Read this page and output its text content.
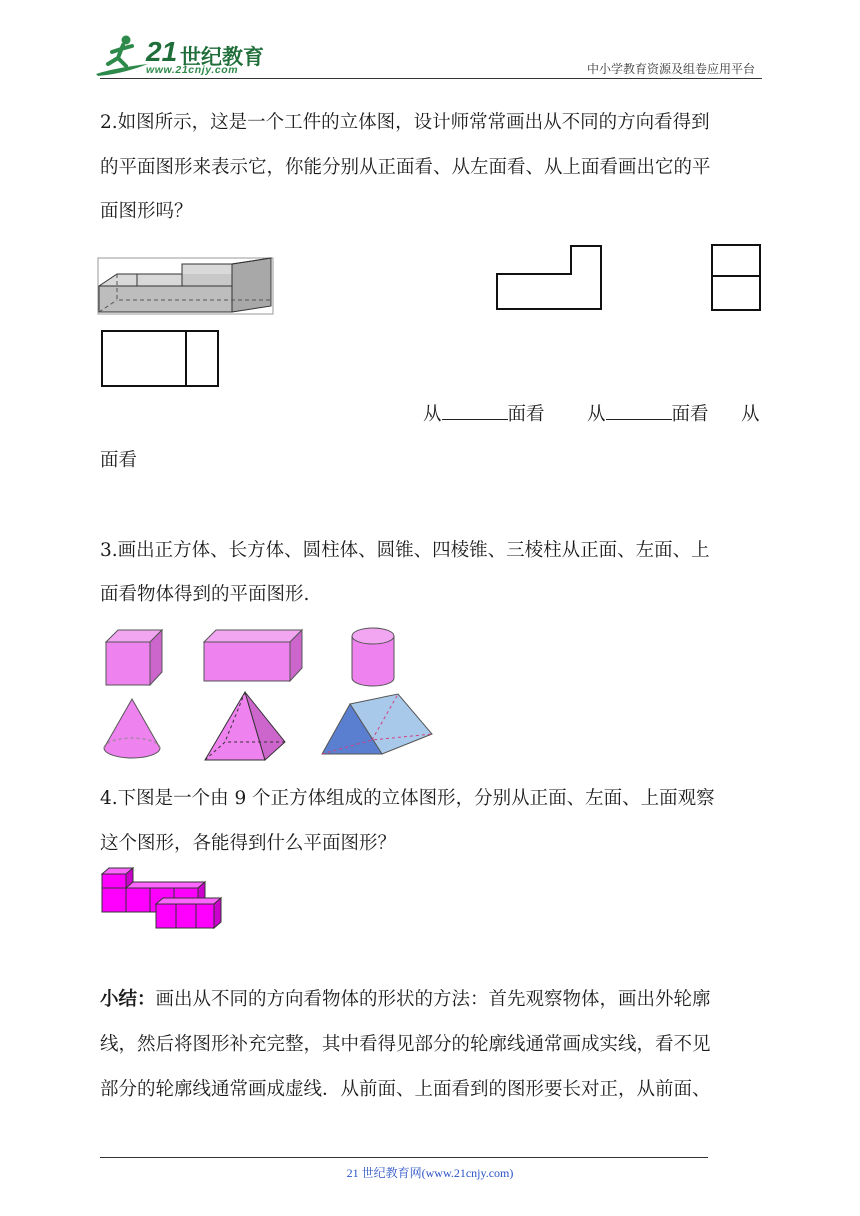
21 世纪教育
www.21cnjy.com	中小学教育资源及组卷应用平台
2.如图所示，这是一个工件的立体图，设计师常常画出从不同的方向看得到
的平面图形来表示它，你能分别从正面看、从左面看、从上面看画出它的平
面图形吗？
从	面看 从	面看 从
面看
3.画出正方体、长方体、圆柱体、圆锥、四棱锥、三棱柱从正面、左面、上
面看物体得到的平面图形.
4.下图是一个由 9 个正方体组成的立体图形，分别从正面、左面、上面观察
这个图形，各能得到什么平面图形？
小结：画出从不同的方向看物体的形状的方法：首先观察物体，画出外轮廓
线，然后将图形补充完整，其中看得见部分的轮廓线通常画成实线，看不见
部分的轮廓线通常画成虚线．从前面、上面看到的图形要长对正，从前面、
21 世纪教育网(www.21cnjy.com)
